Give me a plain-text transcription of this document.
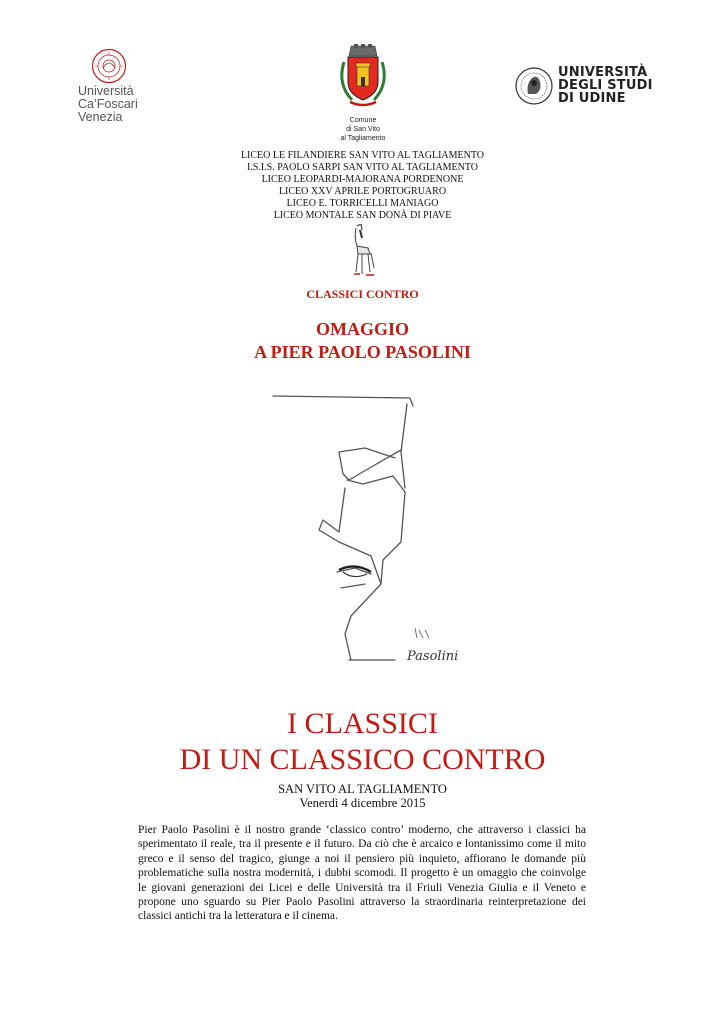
Università
Ca’Foscari
Venezia	Comune
di San Vito
al Tagliamento
UNIVERSITÀ
DEGLI STUDI
DI UDINE
LICEO LE FILANDIERE SAN VITO AL TAGLIAMENTO
I.S.I.S. PAOLO SARPI SAN VITO AL TAGLIAMENTO
LICEO LEOPARDI-MAJORANA PORDENONE
LICEO XXV APRILE PORTOGRUARO
LICEO E. TORRICELLI MANIAGO
LICEO MONTALE SAN DONÀ DI PIAVE
CLASSICI CONTRO
OMAGGIO
A PIER PAOLO PASOLINI
Pasolini
I CLASSICI
DI UN CLASSICO CONTRO
SAN VITO AL TAGLIAMENTO
Venerdì 4 dicembre 2015
Pier Paolo Pasolini è il nostro grande ‘classico contro’ moderno, che attraverso i classici ha sperimentato il reale, tra il presente e il futuro. Da ciò che è arcaico e lontanissimo come il mito greco e il senso del tragico, giunge a noi il pensiero più inquieto, affiorano le domande più problematiche sulla nostra modernità, i dubbi scomodi. Il progetto è un omaggio che coinvolge le giovani generazioni dei Licei e delle Università tra il Friuli Venezia Giulia e il Veneto e propone uno sguardo su Pier Paolo Pasolini attraverso la straordinaria reinterpretazione dei classici antichi tra la letteratura e il cinema.
